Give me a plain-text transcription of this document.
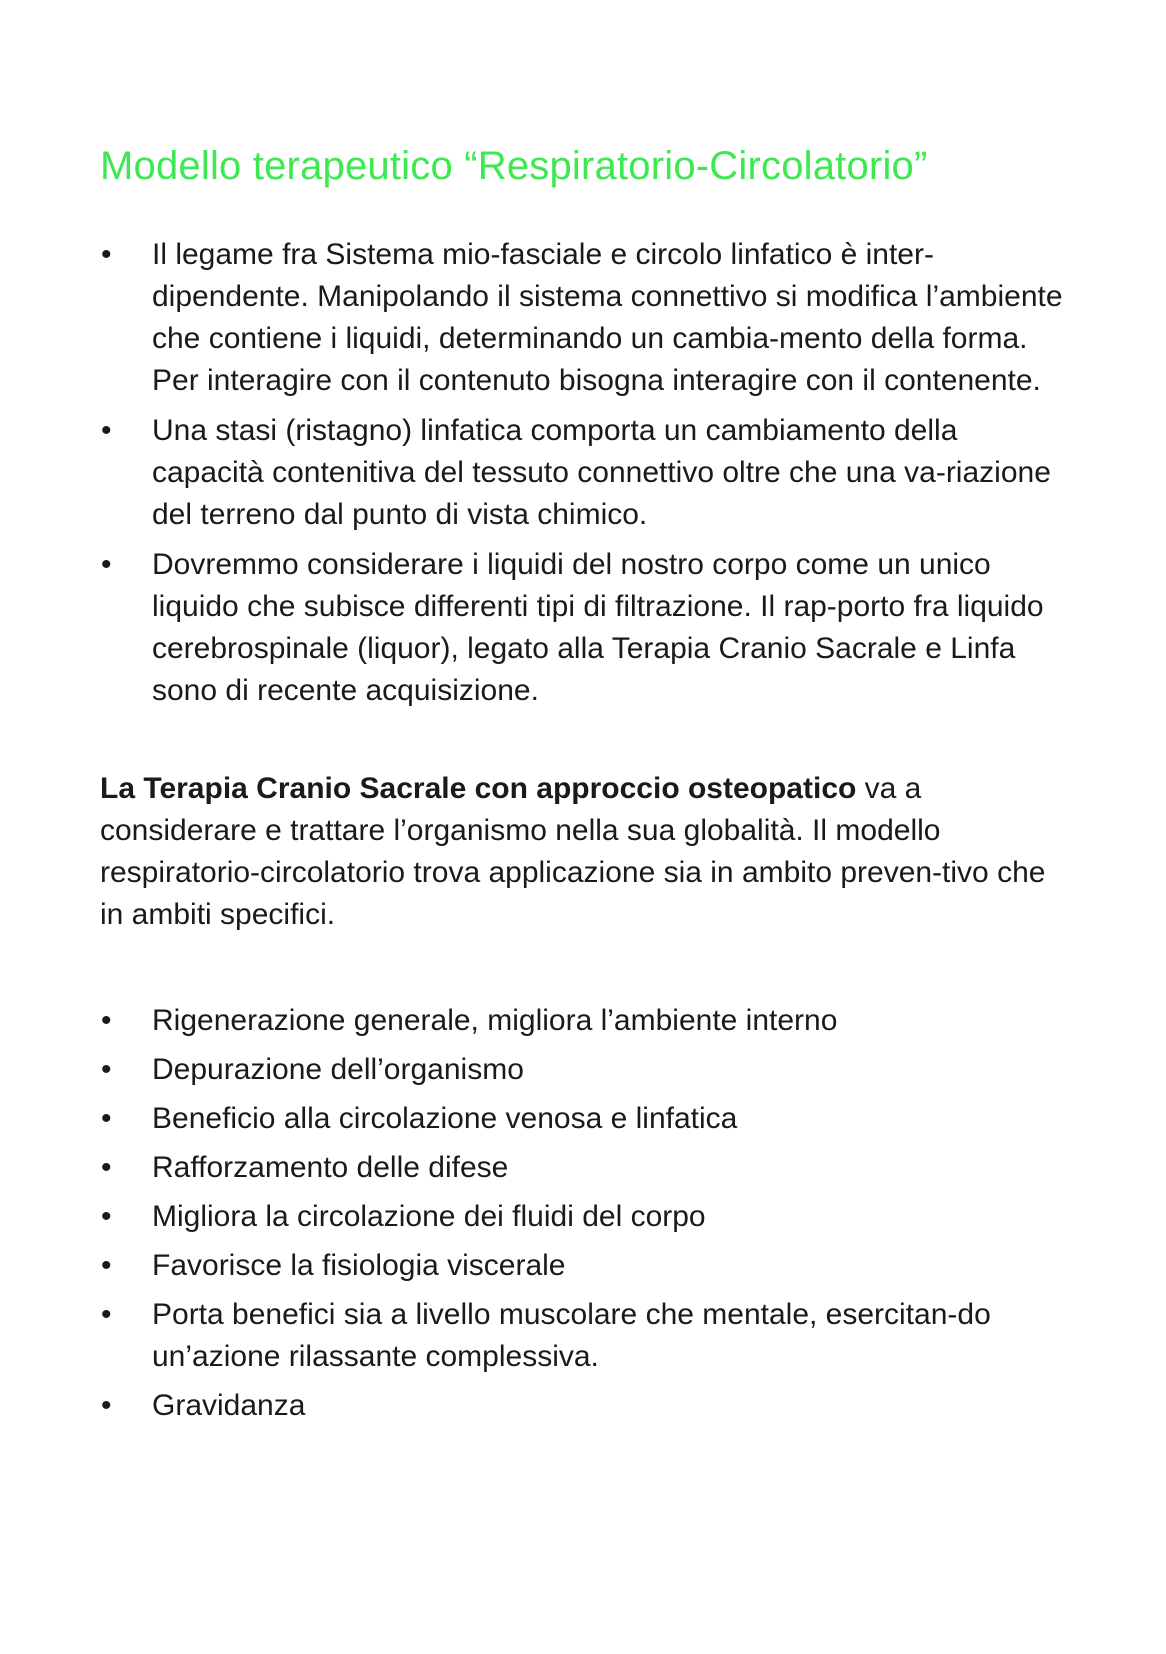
Modello terapeutico “Respiratorio-Circolatorio”
• Il legame fra Sistema mio-fasciale e circolo linfatico è inter-dipendente. Manipolando il sistema connettivo si modifica l’ambiente che contiene i liquidi, determinando un cambia-mento della forma. Per interagire con il contenuto bisogna interagire con il contenente.
• Una stasi (ristagno) linfatica comporta un cambiamento della capacità contenitiva del tessuto connettivo oltre che una va-riazione del terreno dal punto di vista chimico.
• Dovremmo considerare i liquidi del nostro corpo come un unico liquido che subisce differenti tipi di filtrazione. Il rap-porto fra liquido cerebrospinale (liquor), legato alla Terapia Cranio Sacrale e Linfa sono di recente acquisizione.

La Terapia Cranio Sacrale con approccio osteopatico va a considerare e trattare l’organismo nella sua globalità. Il modello respiratorio-circolatorio trova applicazione sia in ambito preven-tivo che in ambiti specifici.

• Rigenerazione generale, migliora l’ambiente interno
• Depurazione dell’organismo
• Beneficio alla circolazione venosa e linfatica
• Rafforzamento delle difese
• Migliora la circolazione dei fluidi del corpo
• Favorisce la fisiologia viscerale
• Porta benefici sia a livello muscolare che mentale, esercitan-do un’azione rilassante complessiva.
• Gravidanza
